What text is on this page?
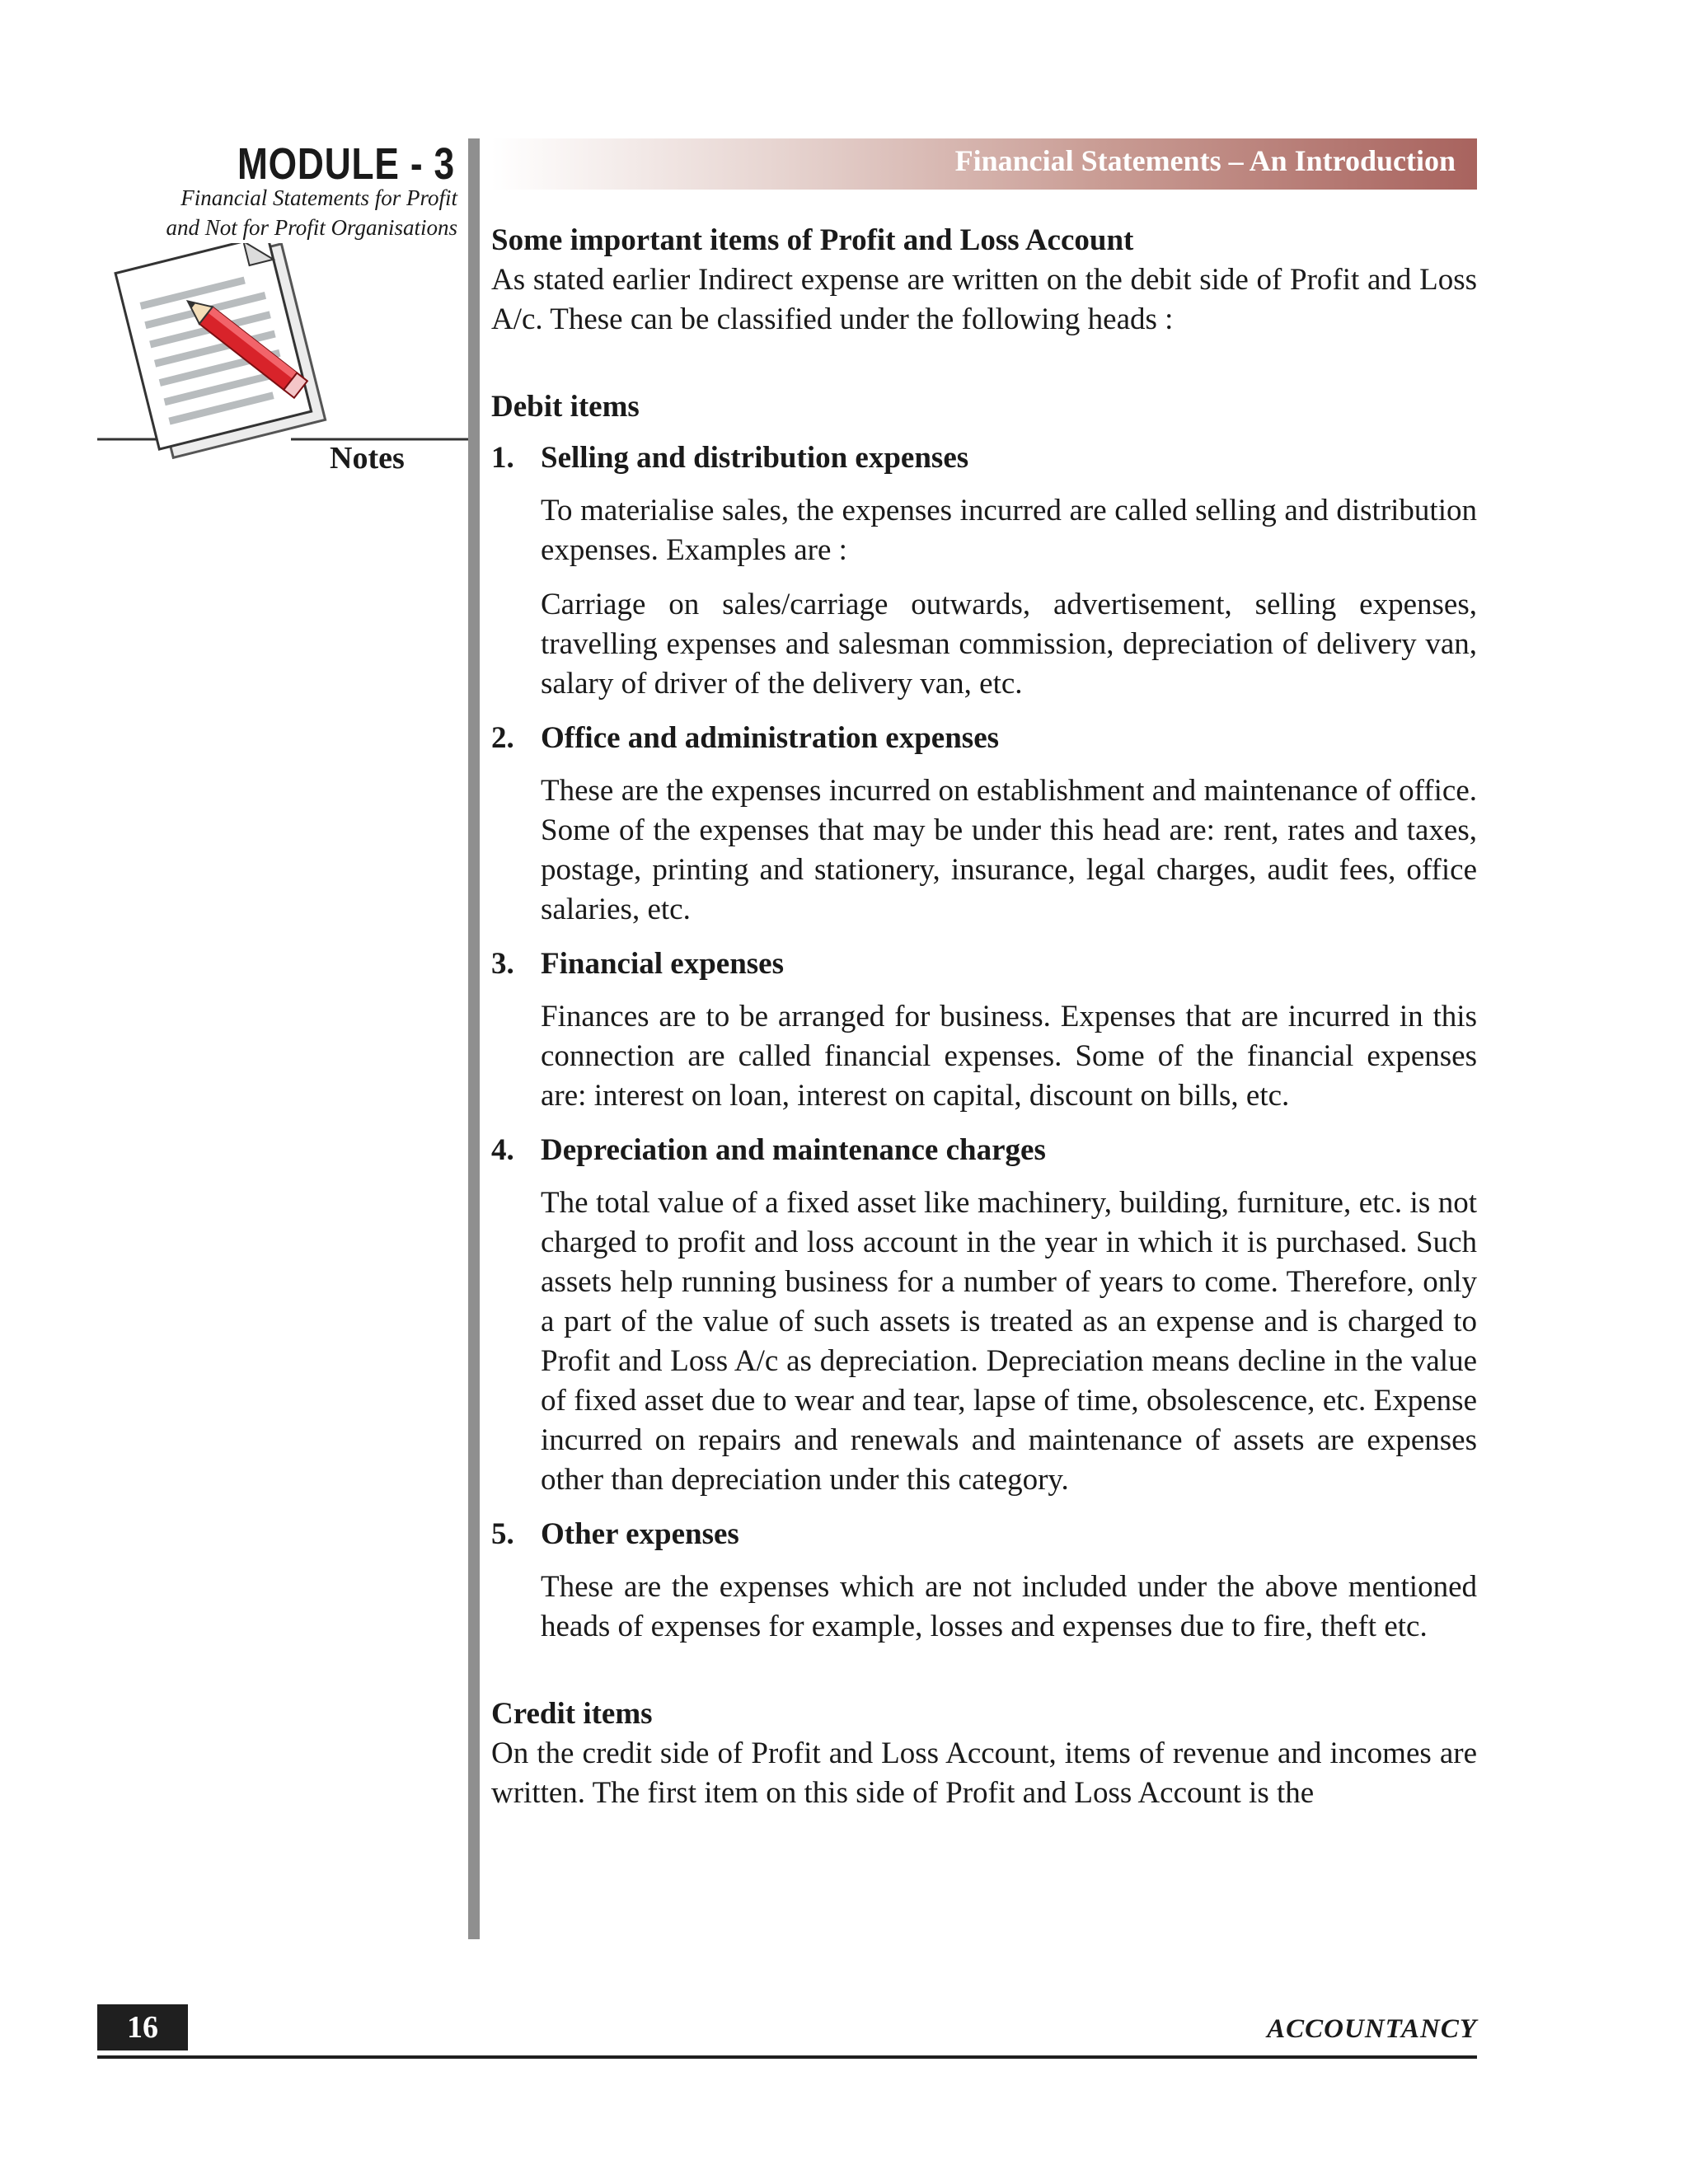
MODULE - 3
Financial Statements for Profit
and Not for Profit Organisations
Notes
Financial Statements – An Introduction

Some important items of Profit and Loss Account

As stated earlier Indirect expense are written on the debit side of Profit and Loss A/c. These can be classified under the following heads :

Debit items

1. Selling and distribution expenses

To materialise sales, the expenses incurred are called selling and distribution expenses. Examples are :

Carriage on sales/carriage outwards, advertisement, selling expenses, travelling expenses and salesman commission, depreciation of delivery van, salary of driver of the delivery van, etc.

2. Office and administration expenses

These are the expenses incurred on establishment and maintenance of office. Some of the expenses that may be under this head are: rent, rates and taxes, postage, printing and stationery, insurance, legal charges, audit fees, office salaries, etc.

3. Financial expenses

Finances are to be arranged for business. Expenses that are incurred in this connection are called financial expenses. Some of the financial expenses are: interest on loan, interest on capital, discount on bills, etc.

4. Depreciation and maintenance charges

The total value of a fixed asset like machinery, building, furniture, etc. is not charged to profit and loss account in the year in which it is purchased. Such assets help running business for a number of years to come. Therefore, only a part of the value of such assets is treated as an expense and is charged to Profit and Loss A/c as depreciation. Depreciation means decline in the value of fixed asset due to wear and tear, lapse of time, obsolescence, etc. Expense incurred on repairs and renewals and maintenance of assets are expenses other than depreciation under this category.

5. Other expenses

These are the expenses which are not included under the above mentioned heads of expenses for example, losses and expenses due to fire, theft etc.

Credit items

On the credit side of Profit and Loss Account, items of revenue and incomes are written. The first item on this side of Profit and Loss Account is the

16	ACCOUNTANCY
